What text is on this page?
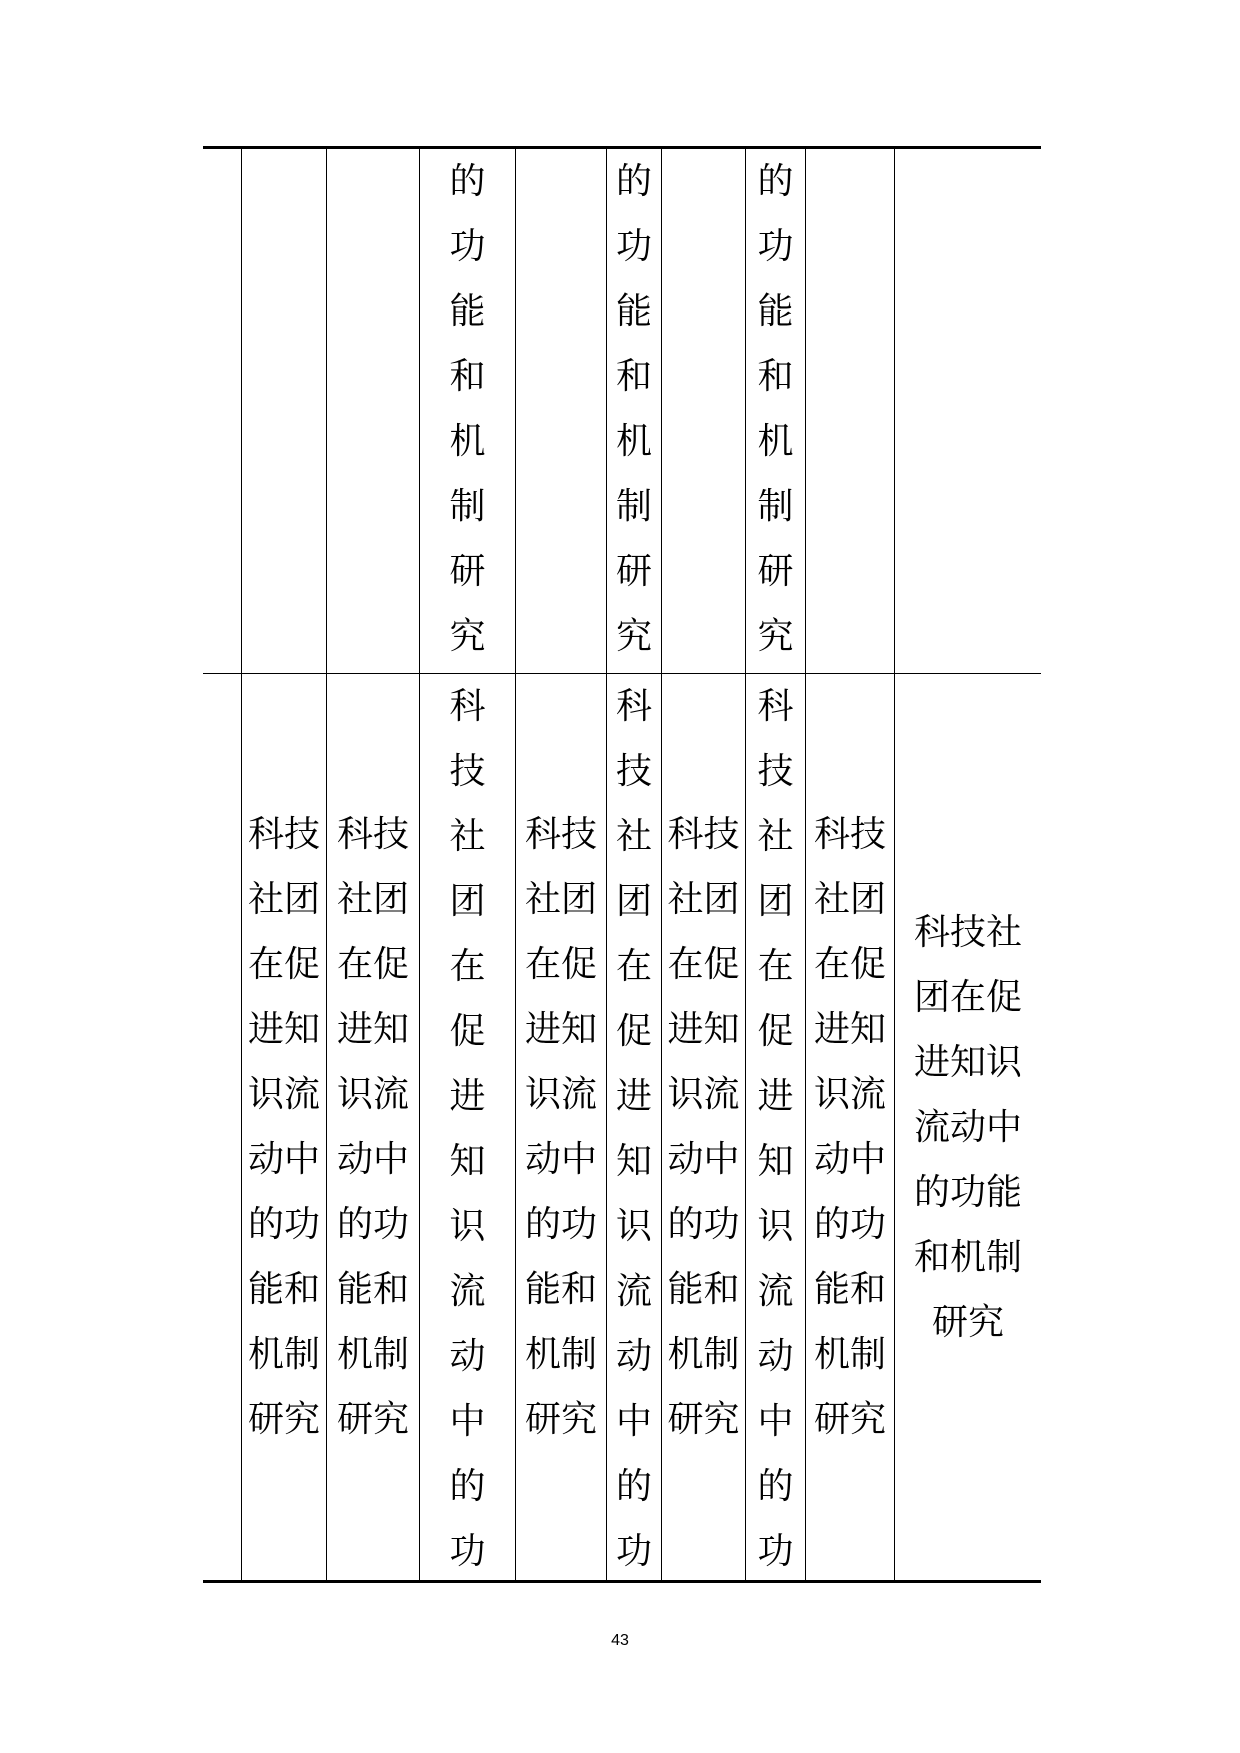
的功能和机制研究
的功能和机制研究
的功能和机制研究
科技社团在促进知识流动中的功能和机制研究
科技社团在促进知识流动中的功能和机制研究
科技社团在促进知识流动中的功
科技社团在促进知识流动中的功能和机制研究
科技社团在促进知识流动中的功
科技社团在促进知识流动中的功能和机制研究
科技社团在促进知识流动中的功
科技社团在促进知识流动中的功能和机制研究
科技社团在促进知识流动中的功能和机制研究
43
